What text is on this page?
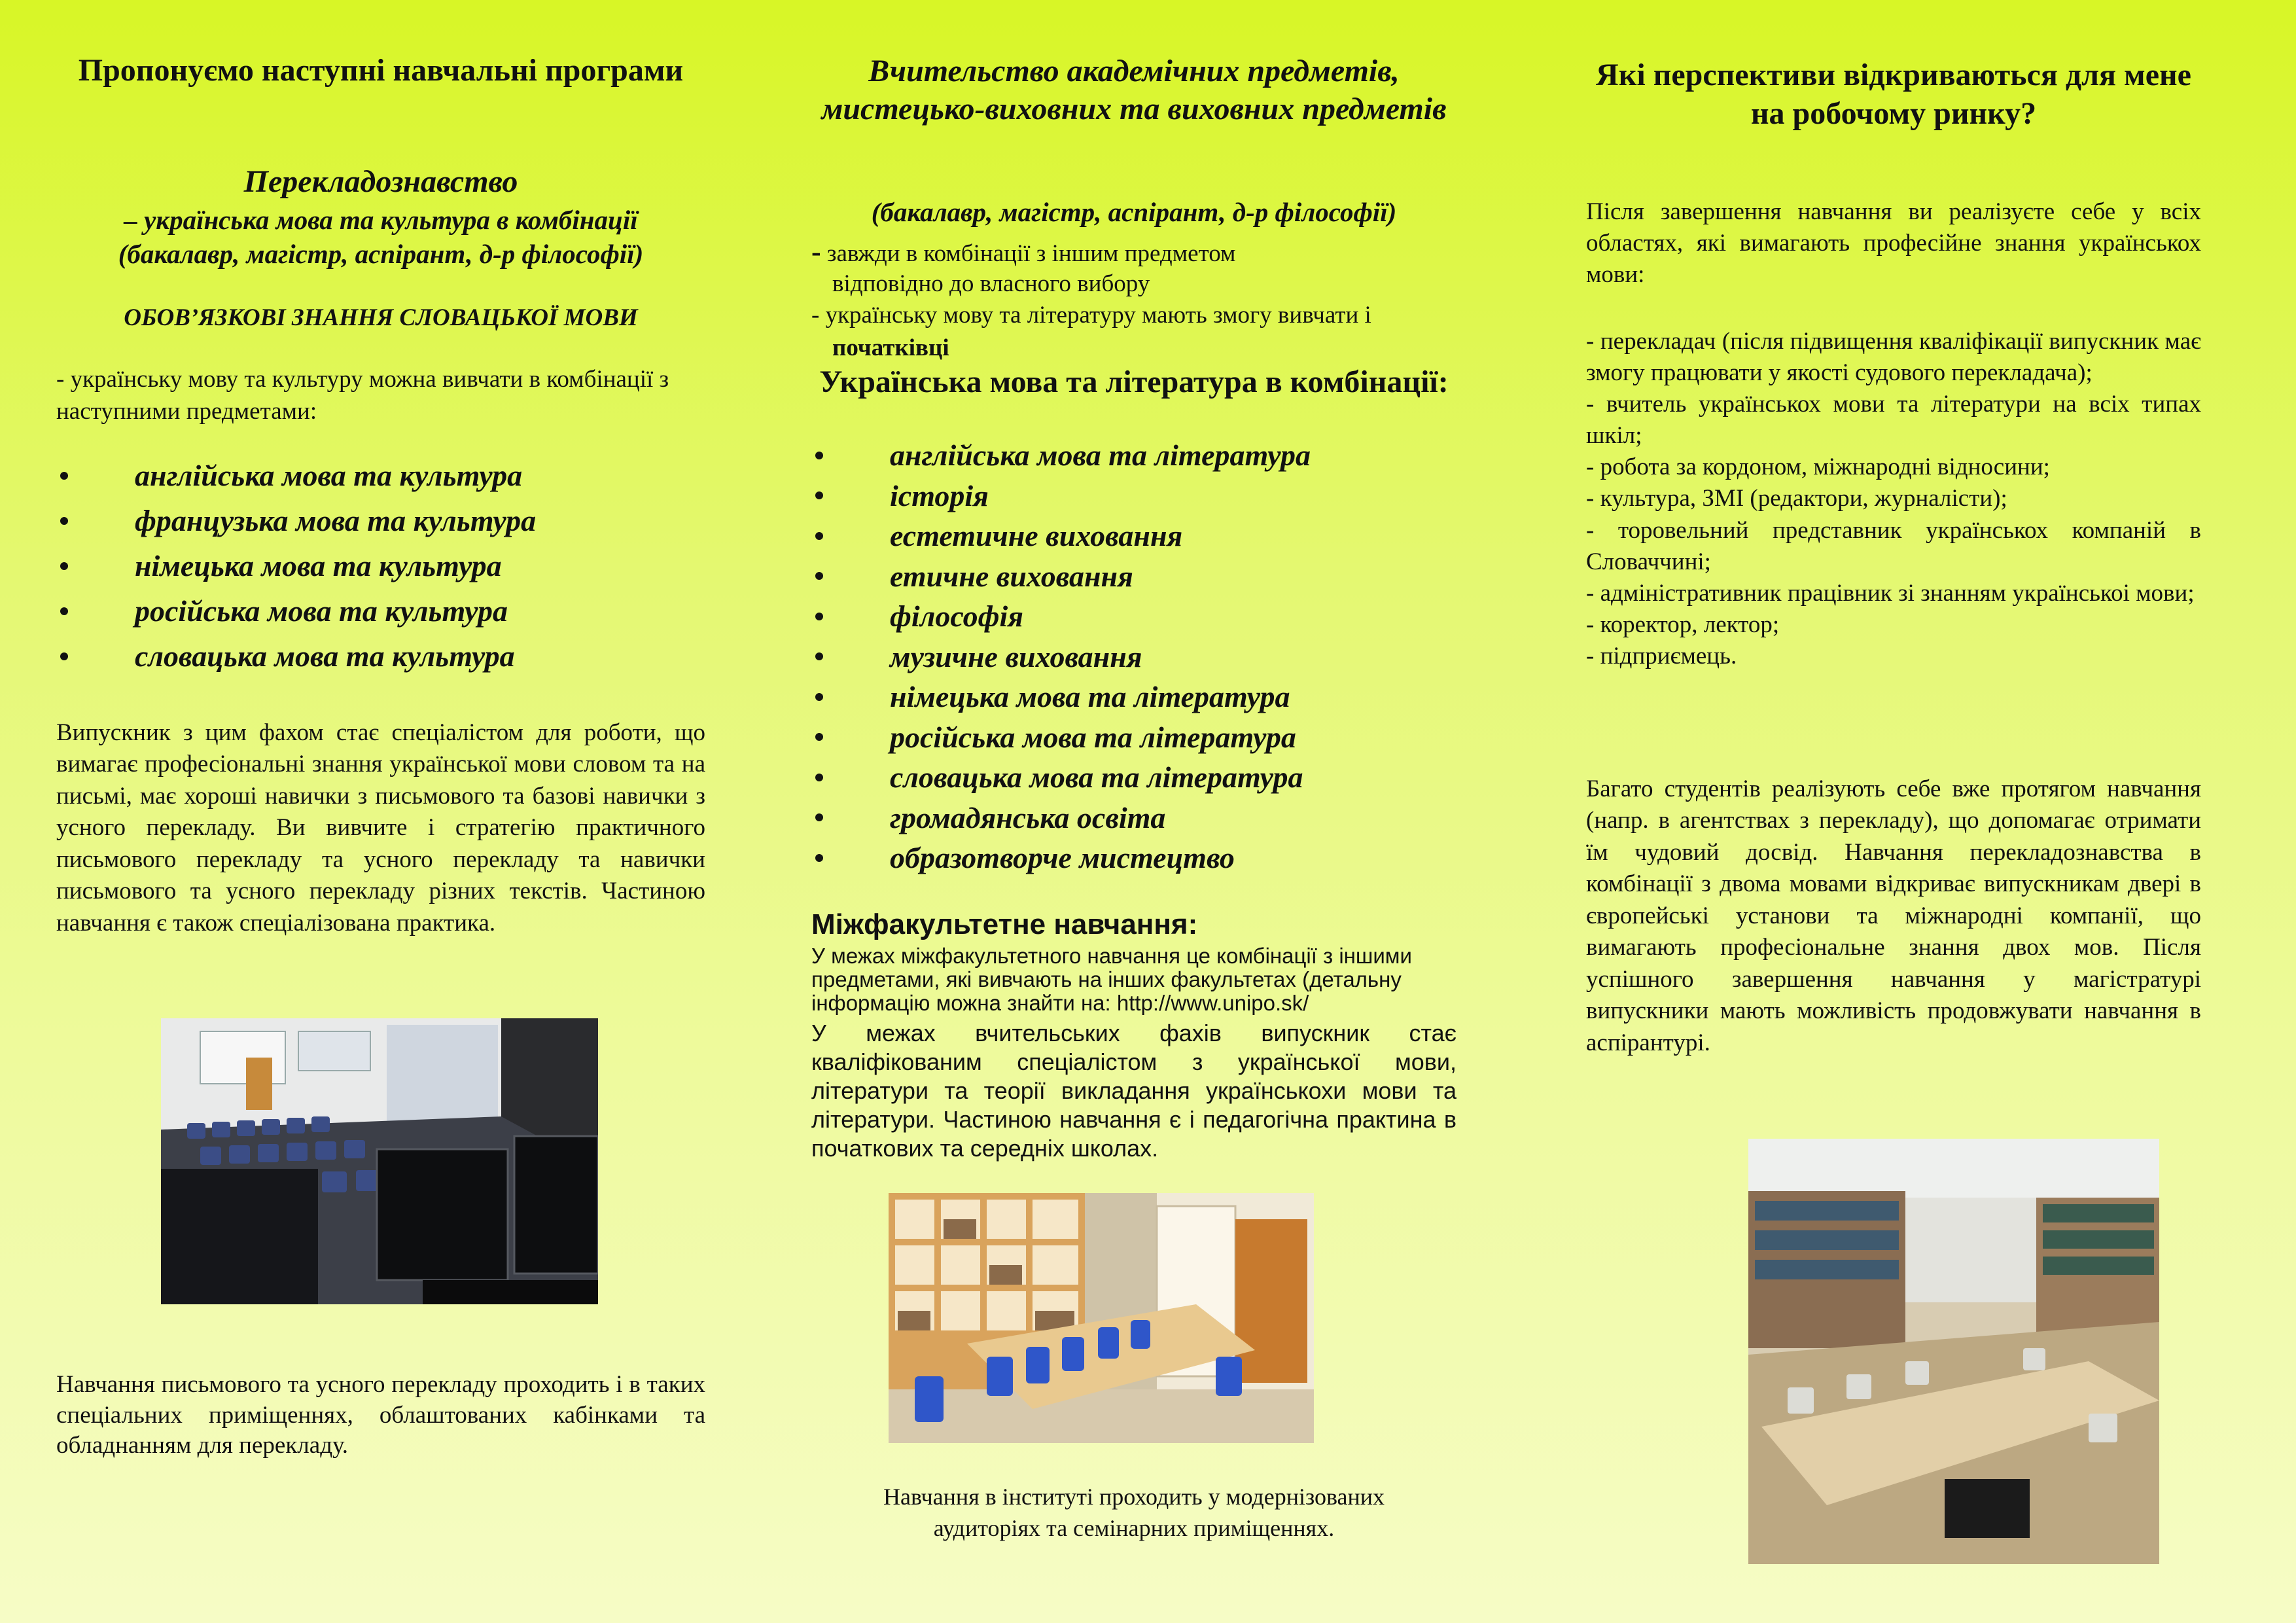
Пропонуємо наступні навчальні програми
Перекладознавство

– українська мова та культура в комбінації

(бакалавр, магістр, аспірант, д-р філософії)

ОБОВʼЯЗКОВІ ЗНАННЯ СЛОВАЦЬКОЇ МОВИ

- українську мову та культуру можна вивчати в комбінації з наступними предметами:

англійська мова та культура
французька мова та культура
німецька мова та культура
російська мова та культура
словацька мова та культура

Випускник з цим фахом стає спеціалістом для роботи, що вимагає професіональні знання української мови словом та на письмі, має хороші навички з письмового та базові навички з усного перекладу. Ви вивчите і стратегію практичного письмового перекладу та усного перекладу та навички письмового та усного перекладу різних текстів. Частиною навчання є також спеціалізована практика.

Навчання письмового та усного перекладу проходить і в таких спеціальних приміщеннях, облаштованих кабінками та обладнанням для перекладу.

Вчительство академічних предметів, мистецько-виховних та виховних предметів

(бакалавр, магістр, аспірант, д-р філософії)

- завжди в комбінації з іншим предметом

відповідно до власного вибору

- українську мову та літературу мають змогу вивчати і

початківці

Українська мова та література в комбінації:
англійська мова та література
історія
естетичне виховання
етичне виховання
філософія
музичне виховання
німецька мова та література
російська мова та література
словацька мова та література
громадянська освіта
образотворче мистецтво
Міжфакультетне навчання:

У межах міжфакультетного навчання це комбінації з іншими

предметами, які вивчають на інших факультетах (детальну

інформацію можна знайти на: http://www.unipo.sk/

У межах вчительських фахів випускник стає кваліфікованим спеціалістом з української мови, літератури та теорії викладання українськохи мови та літератури. Частиною навчання є і педагогічна практина в початкових та середніх школах.

Навчання в інституті проходить у модернізованих

аудиторіях та семінарних приміщеннях.

Які перспективи відкриваються для мене на робочому ринку?

Після завершення навчання ви реалізуєте себе у всіх областях, які вимагають професійне знання українськох мови:

- перекладач (після підвищення кваліфікації випускник має змогу працювати у якості судового перекладача);

- вчитель українськох мови та літератури на всіх типах шкіл;

- робота за кордоном, міжнародні відносини;

- культура, ЗМІ (редактори, журналісти);

- торовельний представник українськох компаній в Словаччині;

- адміністративник працівник зі знанням українськоі мови;

- коректор, лектор;

- підприємець.

Багато студентів реалізують себе вже протягом навчання (напр. в агентствах з перекладу), що допомагає отримати їм чудовий досвід. Навчання перекладознавства в комбінації з двома мовами відкриває випускникам двері в європейські установи та міжнародні компанії, що вимагають професіональне знання двох мов. Після успішного завершення навчання у магістратурі випускники мають можливість продовжувати навчання в аспірантурі.
